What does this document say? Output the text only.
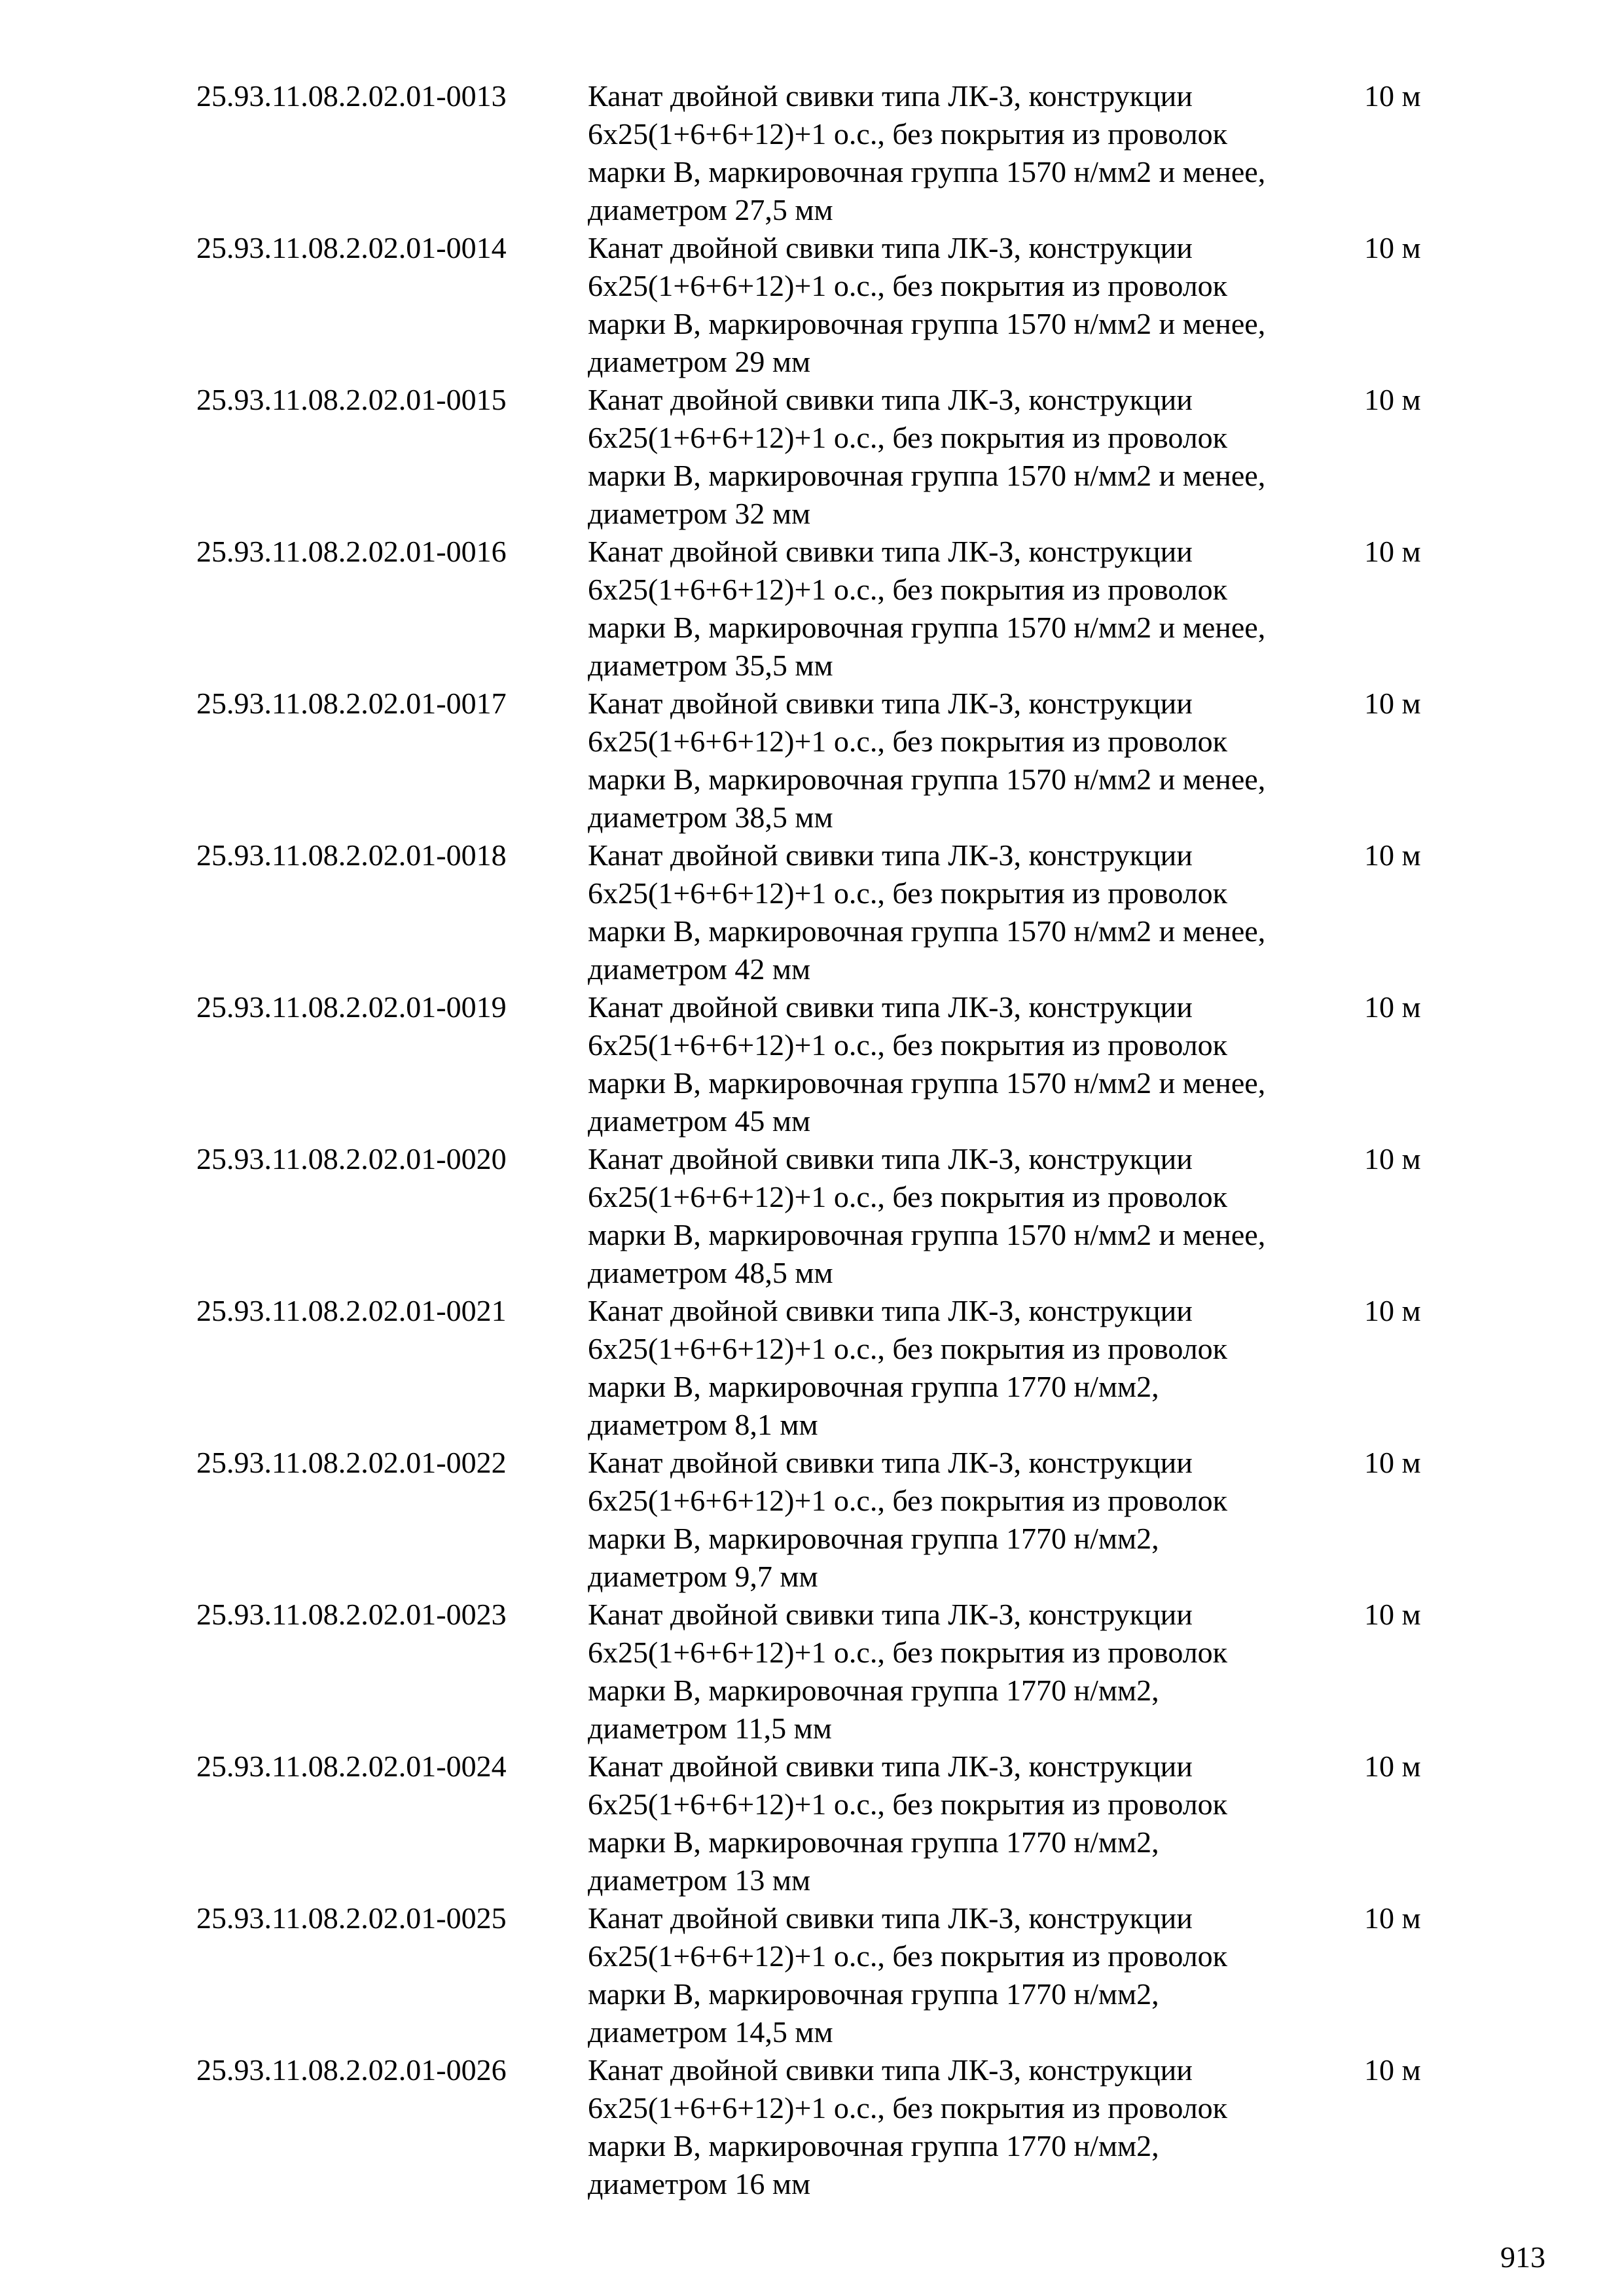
25.93.11.08.2.02.01-0013	Канат двойной свивки типа ЛК-З, конструкции
6х25(1+6+6+12)+1 о.с., без покрытия из проволок
марки В, маркировочная группа 1570 н/мм2 и менее,
диаметром 27,5 мм
10 м
25.93.11.08.2.02.01-0014	Канат двойной свивки типа ЛК-З, конструкции
6х25(1+6+6+12)+1 о.с., без покрытия из проволок
марки В, маркировочная группа 1570 н/мм2 и менее,
диаметром 29 мм
10 м
25.93.11.08.2.02.01-0015	Канат двойной свивки типа ЛК-З, конструкции
6х25(1+6+6+12)+1 о.с., без покрытия из проволок
марки В, маркировочная группа 1570 н/мм2 и менее,
диаметром 32 мм
10 м
25.93.11.08.2.02.01-0016	Канат двойной свивки типа ЛК-З, конструкции
6х25(1+6+6+12)+1 о.с., без покрытия из проволок
марки В, маркировочная группа 1570 н/мм2 и менее,
диаметром 35,5 мм
10 м
25.93.11.08.2.02.01-0017	Канат двойной свивки типа ЛК-З, конструкции
6х25(1+6+6+12)+1 о.с., без покрытия из проволок
марки В, маркировочная группа 1570 н/мм2 и менее,
диаметром 38,5 мм
10 м
25.93.11.08.2.02.01-0018	Канат двойной свивки типа ЛК-З, конструкции
6х25(1+6+6+12)+1 о.с., без покрытия из проволок
марки В, маркировочная группа 1570 н/мм2 и менее,
диаметром 42 мм
10 м
25.93.11.08.2.02.01-0019	Канат двойной свивки типа ЛК-З, конструкции
6х25(1+6+6+12)+1 о.с., без покрытия из проволок
марки В, маркировочная группа 1570 н/мм2 и менее,
диаметром 45 мм
10 м
25.93.11.08.2.02.01-0020	Канат двойной свивки типа ЛК-З, конструкции
6х25(1+6+6+12)+1 о.с., без покрытия из проволок
марки В, маркировочная группа 1570 н/мм2 и менее,
диаметром 48,5 мм
10 м
25.93.11.08.2.02.01-0021	Канат двойной свивки типа ЛК-З, конструкции
6х25(1+6+6+12)+1 о.с., без покрытия из проволок
марки В, маркировочная группа 1770 н/мм2,
диаметром 8,1 мм
10 м
25.93.11.08.2.02.01-0022	Канат двойной свивки типа ЛК-З, конструкции
6х25(1+6+6+12)+1 о.с., без покрытия из проволок
марки В, маркировочная группа 1770 н/мм2,
диаметром 9,7 мм
10 м
25.93.11.08.2.02.01-0023	Канат двойной свивки типа ЛК-З, конструкции
6х25(1+6+6+12)+1 о.с., без покрытия из проволок
марки В, маркировочная группа 1770 н/мм2,
диаметром 11,5 мм
10 м
25.93.11.08.2.02.01-0024	Канат двойной свивки типа ЛК-З, конструкции
6х25(1+6+6+12)+1 о.с., без покрытия из проволок
марки В, маркировочная группа 1770 н/мм2,
диаметром 13 мм
10 м
25.93.11.08.2.02.01-0025	Канат двойной свивки типа ЛК-З, конструкции
6х25(1+6+6+12)+1 о.с., без покрытия из проволок
марки В, маркировочная группа 1770 н/мм2,
диаметром 14,5 мм
10 м
25.93.11.08.2.02.01-0026	Канат двойной свивки типа ЛК-З, конструкции
6х25(1+6+6+12)+1 о.с., без покрытия из проволок
марки В, маркировочная группа 1770 н/мм2,
диаметром 16 мм
10 м
913
